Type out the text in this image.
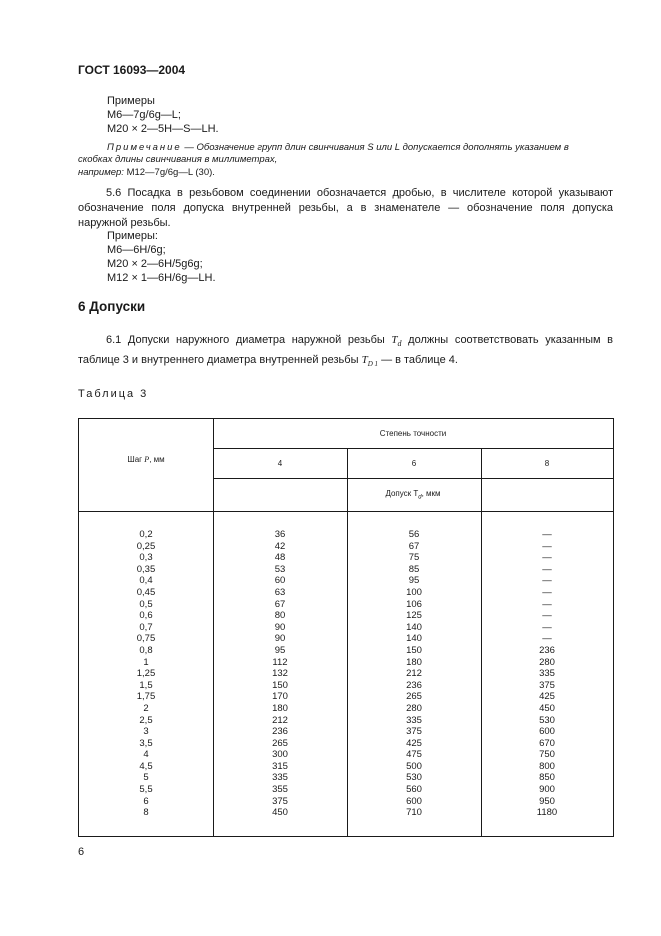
ГОСТ 16093—2004
Примеры
M6—7g/6g—L;
M20 × 2—5H—S—LH.
Примечание — Обозначение групп длин свинчивания S или L допускается дополнять указанием в
скобках длины свинчивания в миллиметрах,
например: M12—7g/6g—L (30).
5.6 Посадка в резьбовом соединении обозначается дробью, в числителе которой указывают обозначение поля допуска внутренней резьбы, а в знаменателе — обозначение поля допуска наружной резьбы.
Примеры:
M6—6H/6g;
M20 × 2—6H/5g6g;
M12 × 1—6H/6g—LH.
6 Допуски
6.1 Допуски наружного диаметра наружной резьбы $T_d$ должны соответствовать указанным в таблице 3 и внутреннего диаметра внутренней резьбы $T_{D 1}$ — в таблице 4.
Таблица 3
Шаг P, мм
Степень точности
4	6	8
Допуск $T_d$, мкм
0,2
0,25
0,3
0,35
0,4
0,45
0,5
0,6
0,7
0,75
0,8
1
1,25
1,5
1,75
2
2,5
3
3,5
4
4,5
5
5,5
6
8
36
42
48
53
60
63
67
80
90
90
95
112
132
150
170
180
212
236
265
300
315
335
355
375
450
56
67
75
85
95
100
106
125
140
140
150
180
212
236
265
280
335
375
425
475
500
530
560
600
710
—
—
—
—
—
—
—
—
—
—
236
280
335
375
425
450
530
600
670
750
800
850
900
950
1180
6
